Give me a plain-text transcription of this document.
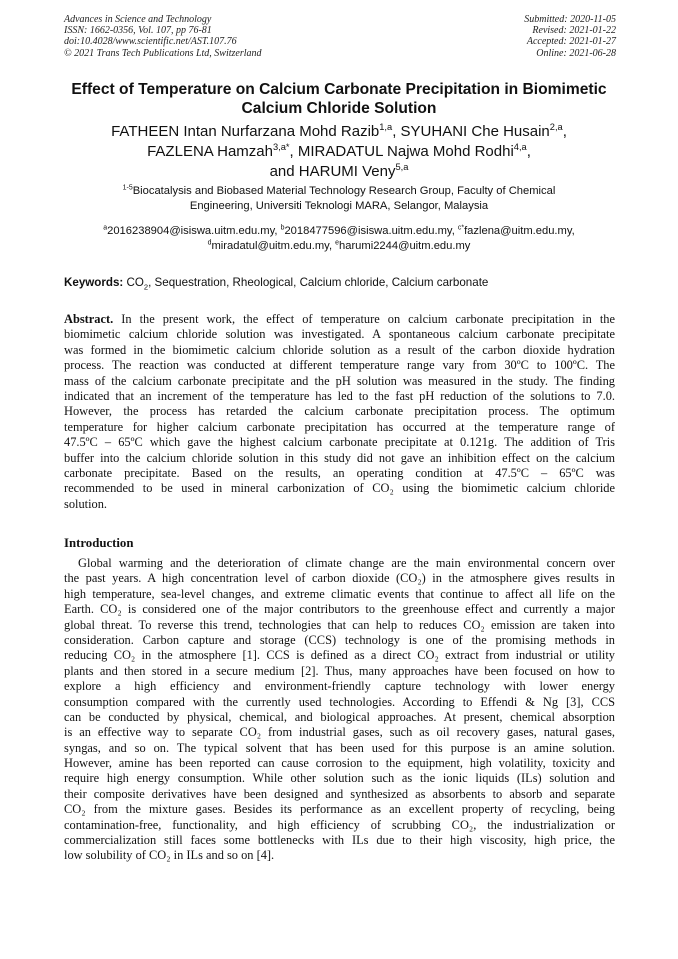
Advances in Science and Technology
ISSN: 1662-0356, Vol. 107, pp 76-81
doi:10.4028/www.scientific.net/AST.107.76
© 2021 Trans Tech Publications Ltd, Switzerland
Submitted: 2020-11-05
Revised: 2021-01-22
Accepted: 2021-01-27
Online: 2021-06-28
Effect of Temperature on Calcium Carbonate Precipitation in Biomimetic
Calcium Chloride Solution
FATHEEN Intan Nurfarzana Mohd Razib$^{1,a}$, SYUHANI Che Husain$^{2,a}$,
FAZLENA Hamzah$^{3,a*}$, MIRADATUL Najwa Mohd Rodhi$^{4,a}$,
and HARUMI Veny$^{5,a}$
$^{1-5}$Biocatalysis and Biobased Material Technology Research Group, Faculty of Chemical
Engineering, Universiti Teknologi MARA, Selangor, Malaysia
$^a$2016238904@isiswa.uitm.edu.my, $^b$2018477596@isiswa.uitm.edu.my, $^{c*}$fazlena@uitm.edu.my,
$^d$miradatul@uitm.edu.my, $^e$harumi2244@uitm.edu.my
Keywords: $CO_2$, Sequestration, Rheological, Calcium chloride, Calcium carbonate
Abstract. In the present work, the effect of temperature on calcium carbonate precipitation in the
biomimetic calcium chloride solution was investigated. A spontaneous calcium carbonate precipitate
was formed in the biomimetic calcium chloride solution as a result of the carbon dioxide hydration
process. The reaction was conducted at different temperature range vary from 30ºC to 100ºC. The
mass of the calcium carbonate precipitate and the pH solution was measured in the study. The finding
indicated that an increment of the temperature has led to the fast pH reduction of the solutions to 7.0.
However, the process has retarded the calcium carbonate precipitation process. The optimum
temperature for higher calcium carbonate precipitation has occurred at the temperature range of
47.5ºC – 65ºC which gave the highest calcium carbonate precipitate at 0.121g. The addition of Tris
buffer into the calcium chloride solution in this study did not gave an inhibition effect on the calcium
carbonate precipitate. Based on the results, an operating condition at 47.5ºC – 65ºC was
recommended to be used in mineral carbonization of CO₂ using the biomimetic calcium chloride
solution.
Introduction
Global warming and the deterioration of climate change are the main environmental concern over
the past years. A high concentration level of carbon dioxide (CO₂) in the atmosphere gives results in
high temperature, sea-level changes, and extreme climatic events that continue to affect all life on the
Earth. CO₂ is considered one of the major contributors to the greenhouse effect and currently a major
global threat. To reverse this trend, technologies that can help to reduces CO₂ emission are taken into
consideration. Carbon capture and storage (CCS) technology is one of the promising methods in
reducing CO₂ in the atmosphere [1]. CCS is defined as a direct CO₂ extract from industrial or utility
plants and then stored in a secure medium [2]. Thus, many approaches have been focused on how to
explore a high efficiency and environment-friendly capture technology with lower energy
consumption compared with the currently used technologies. According to Effendi & Ng [3], CCS
can be conducted by physical, chemical, and biological approaches. At present, chemical absorption
is an effective way to separate CO₂ from industrial gases, such as oil recovery gases, natural gases,
syngas, and so on. The typical solvent that has been used for this purpose is an amine solution.
However, amine has been reported can cause corrosion to the equipment, high volatility, toxicity and
require high energy consumption. While other solution such as the ionic liquids (ILs) solution and
their composite derivatives have been designed and synthesized as absorbents to absorb and separate
CO₂ from the mixture gases. Besides its performance as an excellent property of recycling, being
contamination-free, functionality, and high efficiency of scrubbing CO₂, the industrialization or
commercialization still faces some bottlenecks with ILs due to their high viscosity, high price, the
low solubility of CO₂ in ILs and so on [4].
